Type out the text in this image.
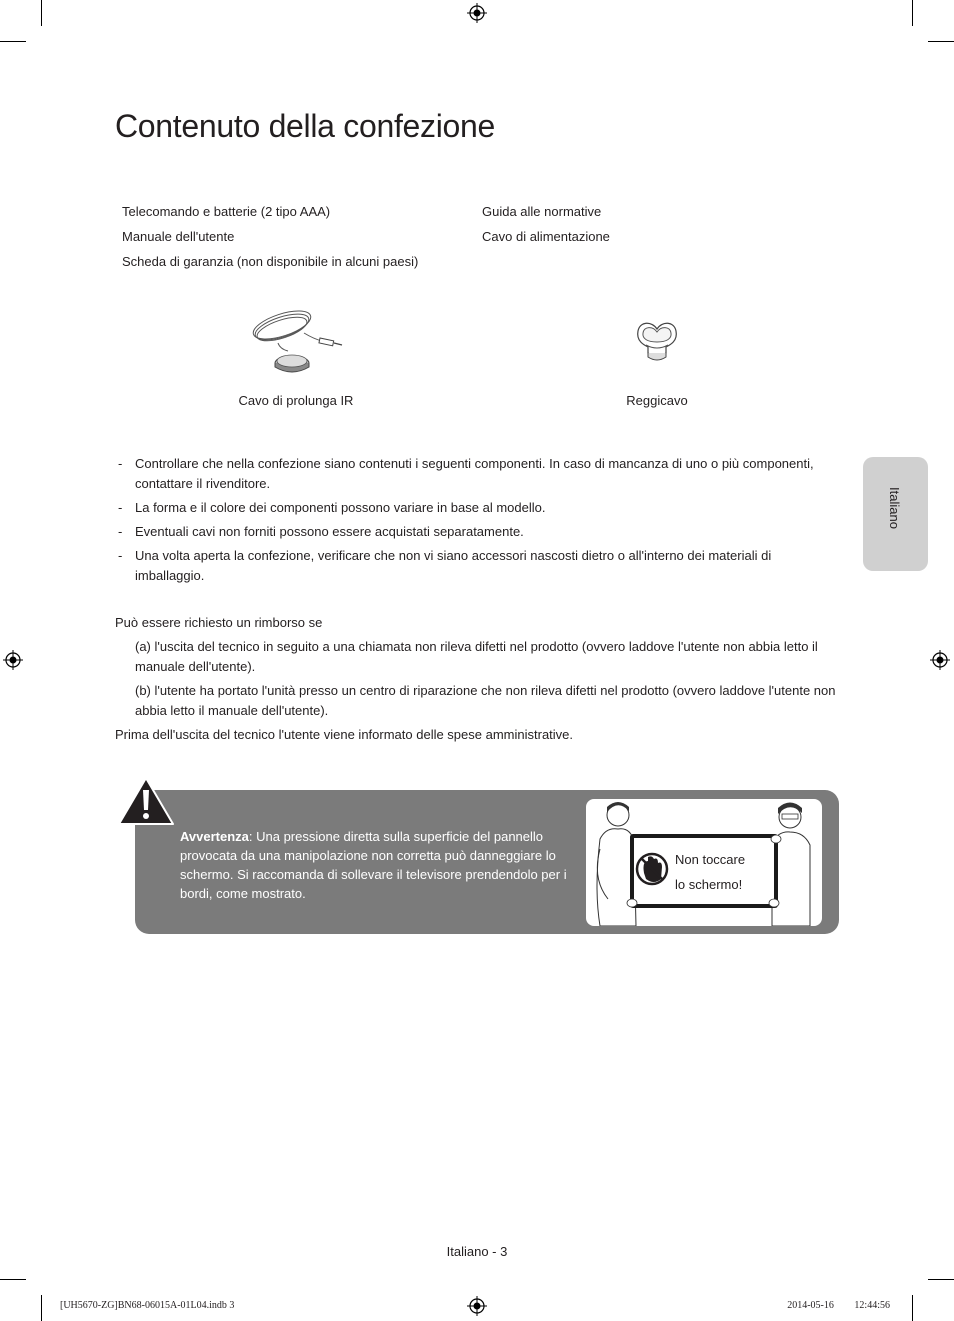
Contenuto della confezione
Telecomando e batterie (2 tipo AAA)
Manuale dell'utente
Scheda di garanzia (non disponibile in alcuni paesi)
Guida alle normative
Cavo di alimentazione
Cavo di prolunga IR	Reggicavo
- Controllare che nella confezione siano contenuti i seguenti componenti. In caso di mancanza di uno o più componenti, contattare il rivenditore.
- La forma e il colore dei componenti possono variare in base al modello.
- Eventuali cavi non forniti possono essere acquistati separatamente.
- Una volta aperta la confezione, verificare che non vi siano accessori nascosti dietro o all'interno dei materiali di imballaggio.
Può essere richiesto un rimborso se
(a) l'uscita del tecnico in seguito a una chiamata non rileva difetti nel prodotto (ovvero laddove l'utente non abbia letto il manuale dell'utente).
(b) l'utente ha portato l'unità presso un centro di riparazione che non rileva difetti nel prodotto (ovvero laddove l'utente non abbia letto il manuale dell'utente).
Prima dell'uscita del tecnico l'utente viene informato delle spese amministrative.
Italiano
Avvertenza: Una pressione diretta sulla superficie del pannello provocata da una manipolazione non corretta può danneggiare lo schermo. Si raccomanda di sollevare il televisore prendendolo per i bordi, come mostrato.
Non toccare
lo schermo!
Italiano - 3
[UH5670-ZG]BN68-06015A-01L04.indb 3	2014-05-16 ￿￿ 12:44:56
